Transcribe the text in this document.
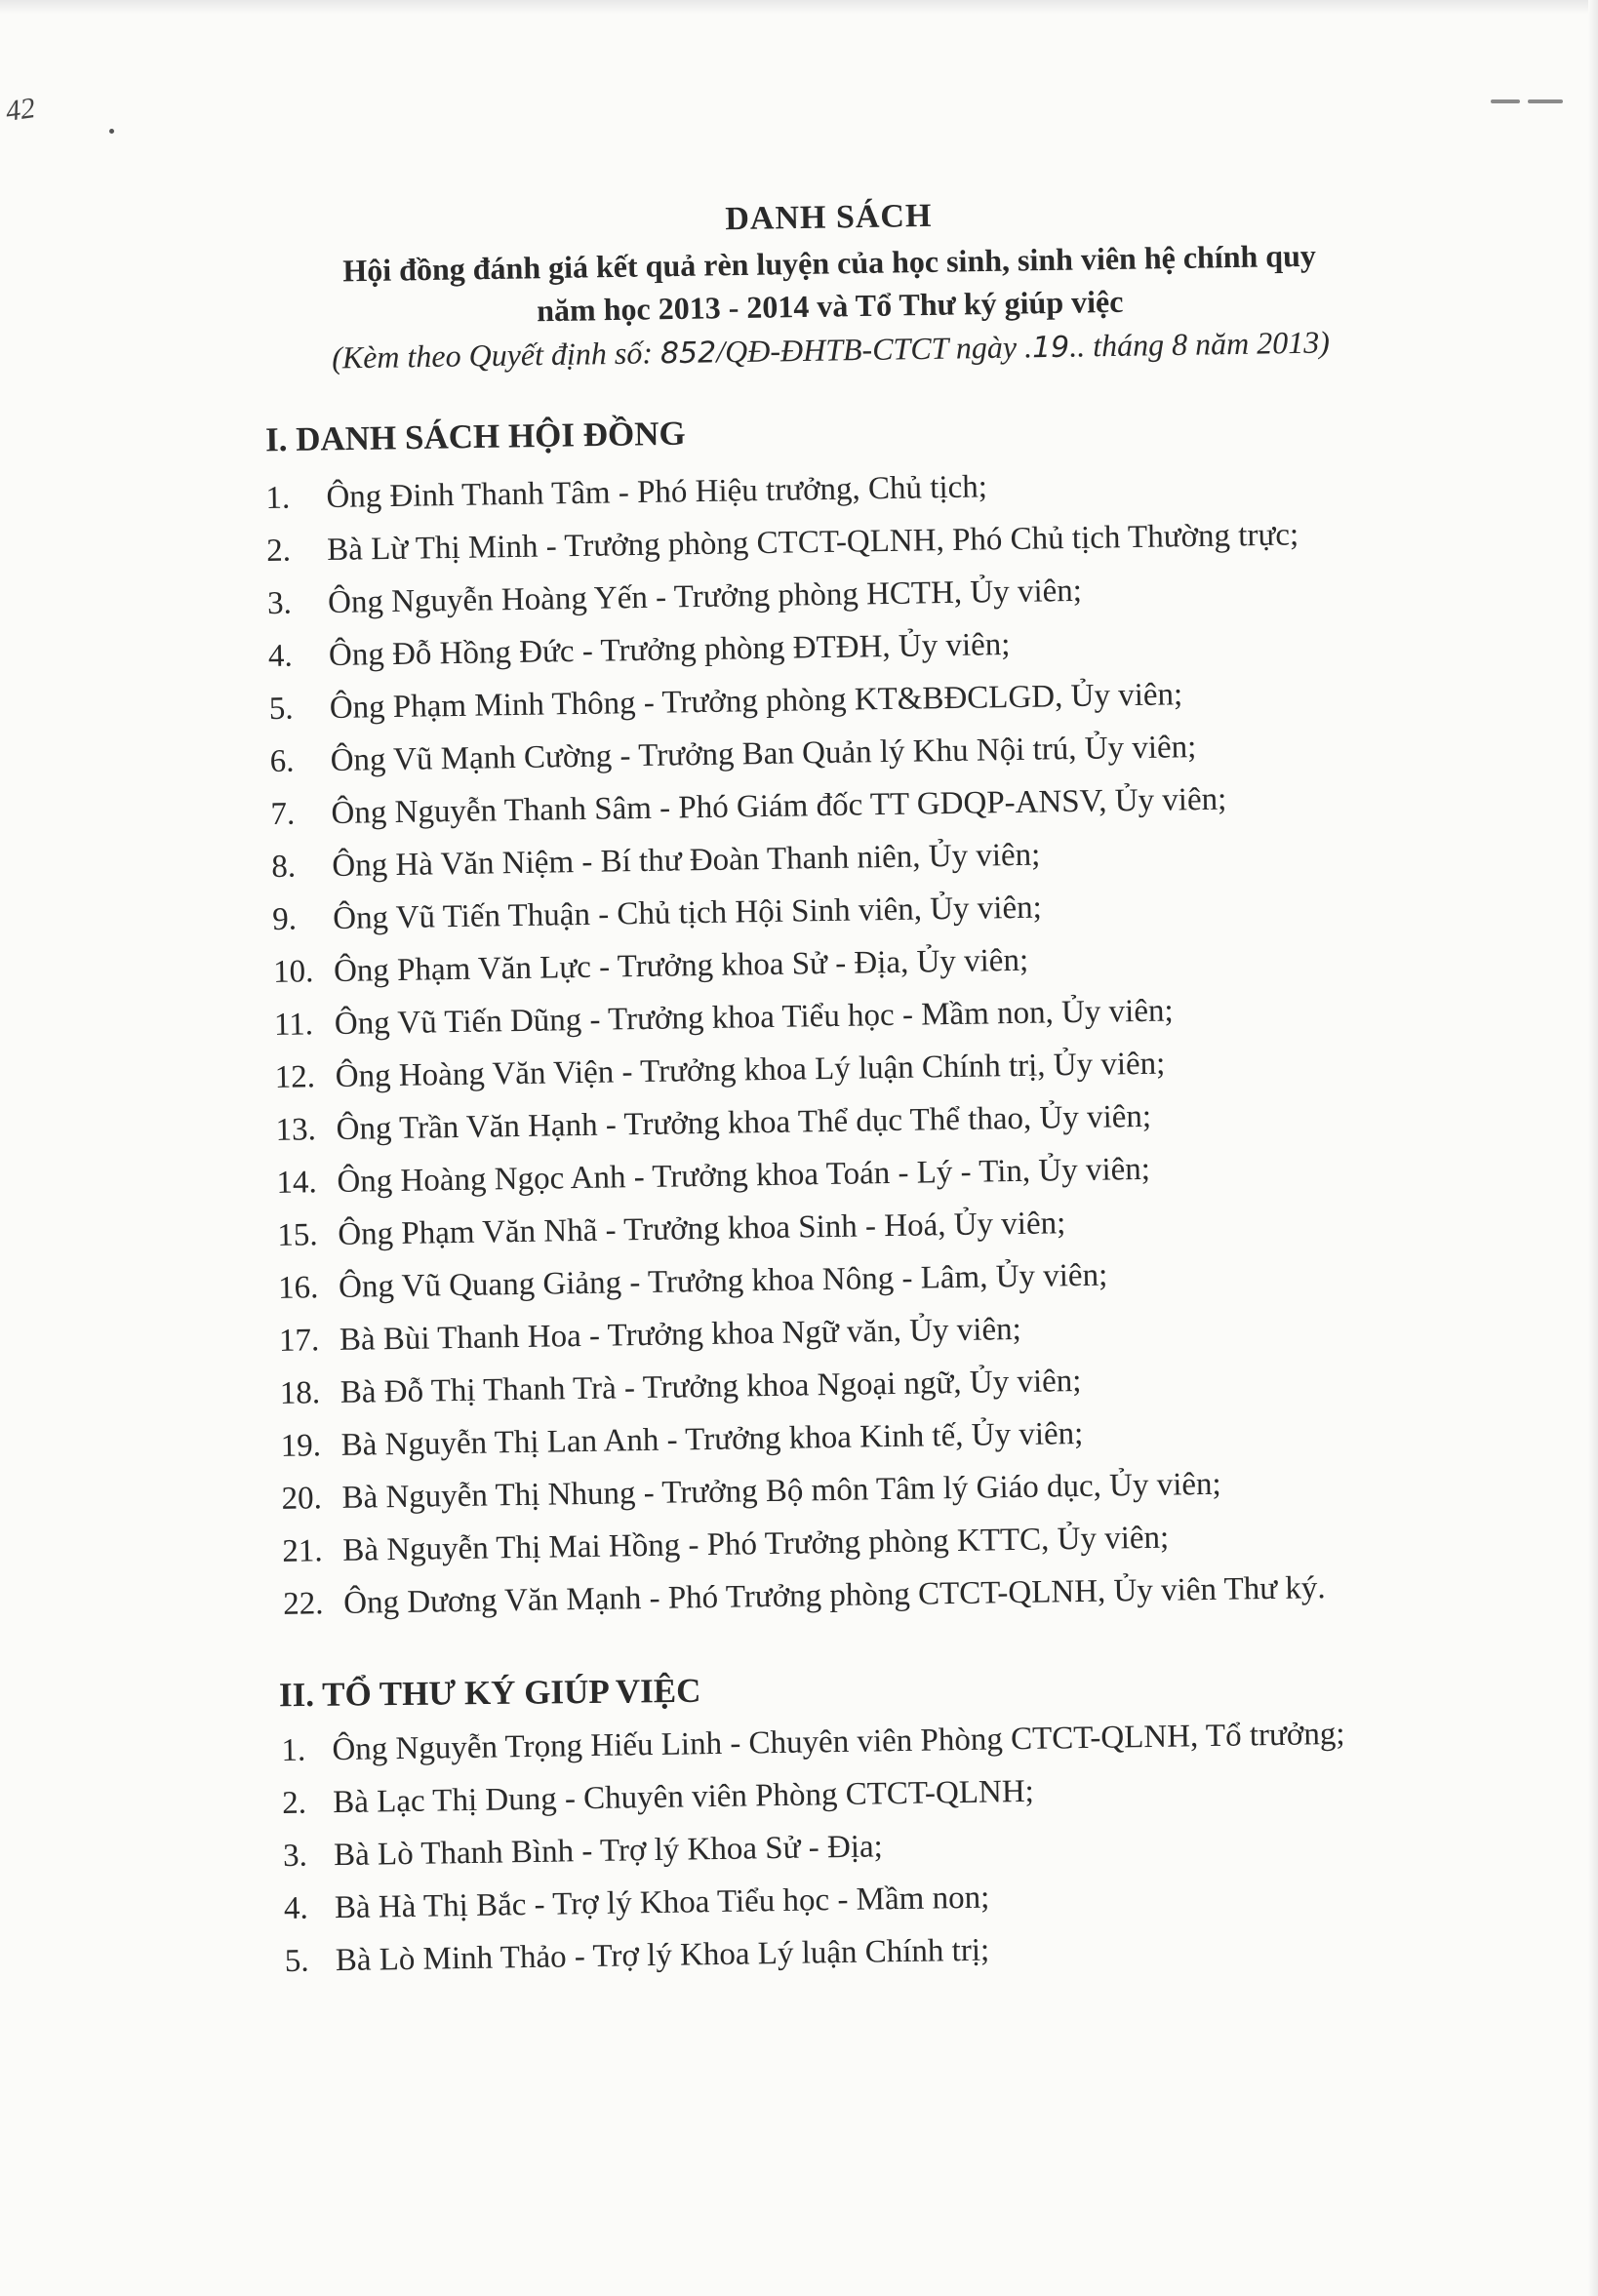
42
DANH SÁCH
Hội đồng đánh giá kết quả rèn luyện của học sinh, sinh viên hệ chính quy
năm học 2013 - 2014 và Tổ Thư ký giúp việc
(Kèm theo Quyết định số: 852/QĐ-ĐHTB-CTCT ngày .19.. tháng 8 năm 2013)
I. DANH SÁCH HỘI ĐỒNG
1.	Ông Đinh Thanh Tâm - Phó Hiệu trưởng, Chủ tịch;
2.	Bà Lừ Thị Minh - Trưởng phòng CTCT-QLNH, Phó Chủ tịch Thường trực;
3.	Ông Nguyễn Hoàng Yến - Trưởng phòng HCTH, Ủy viên;
4.	Ông Đỗ Hồng Đức - Trưởng phòng ĐTĐH, Ủy viên;
5.	Ông Phạm Minh Thông - Trưởng phòng KT&BĐCLGD, Ủy viên;
6.	Ông Vũ Mạnh Cường - Trưởng Ban Quản lý Khu Nội trú, Ủy viên;
7.	Ông Nguyễn Thanh Sâm - Phó Giám đốc TT GDQP-ANSV, Ủy viên;
8.	Ông Hà Văn Niệm - Bí thư Đoàn Thanh niên, Ủy viên;
9.	Ông Vũ Tiến Thuận - Chủ tịch Hội Sinh viên, Ủy viên;
10. Ông Phạm Văn Lực - Trưởng khoa Sử - Địa, Ủy viên;
11. Ông Vũ Tiến Dũng - Trưởng khoa Tiểu học - Mầm non, Ủy viên;
12. Ông Hoàng Văn Viện - Trưởng khoa Lý luận Chính trị, Ủy viên;
13. Ông Trần Văn Hạnh - Trưởng khoa Thể dục Thể thao, Ủy viên;
14. Ông Hoàng Ngọc Anh - Trưởng khoa Toán - Lý - Tin, Ủy viên;
15. Ông Phạm Văn Nhã - Trưởng khoa Sinh - Hoá, Ủy viên;
16. Ông Vũ Quang Giảng - Trưởng khoa Nông - Lâm, Ủy viên;
17. Bà Bùi Thanh Hoa - Trưởng khoa Ngữ văn, Ủy viên;
18. Bà Đỗ Thị Thanh Trà - Trưởng khoa Ngoại ngữ, Ủy viên;
19. Bà Nguyễn Thị Lan Anh - Trưởng khoa Kinh tế, Ủy viên;
20. Bà Nguyễn Thị Nhung - Trưởng Bộ môn Tâm lý Giáo dục, Ủy viên;
21. Bà Nguyễn Thị Mai Hồng - Phó Trưởng phòng KTTC, Ủy viên;
22. Ông Dương Văn Mạnh - Phó Trưởng phòng CTCT-QLNH, Ủy viên Thư ký.
II. TỔ THƯ KÝ GIÚP VIỆC
1. Ông Nguyễn Trọng Hiếu Linh - Chuyên viên Phòng CTCT-QLNH, Tổ trưởng;
2. Bà Lạc Thị Dung - Chuyên viên Phòng CTCT-QLNH;
3. Bà Lò Thanh Bình - Trợ lý Khoa Sử - Địa;
4. Bà Hà Thị Bắc - Trợ lý Khoa Tiểu học - Mầm non;
5. Bà Lò Minh Thảo - Trợ lý Khoa Lý luận Chính trị;
